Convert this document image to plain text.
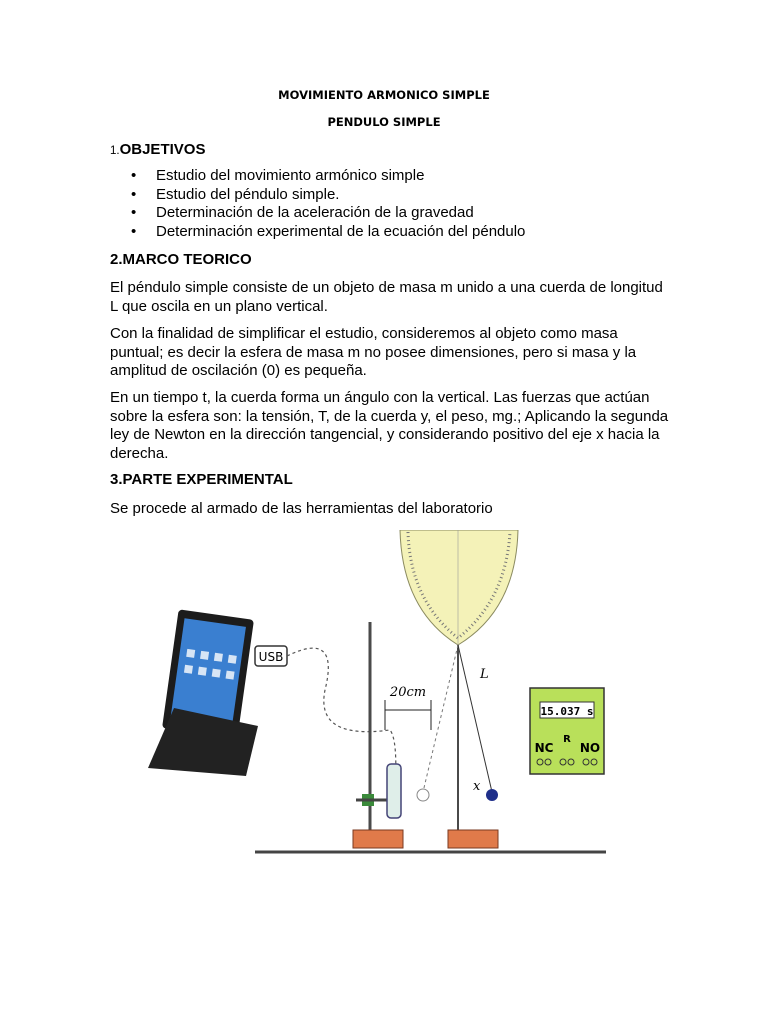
MOVIMIENTO ARMONICO SIMPLE
PENDULO SIMPLE
1.OBJETIVOS
• Estudio del movimiento armónico simple
• Estudio del péndulo simple.
• Determinación de la aceleración de la gravedad
• Determinación experimental de la ecuación del péndulo
2.MARCO TEORICO
El péndulo simple consiste de un objeto de masa m unido a una cuerda de longitud L que oscila en un plano vertical.
Con la finalidad de simplificar el estudio, consideremos al objeto como masa puntual; es decir la esfera de masa m no posee dimensiones, pero si masa y la amplitud de oscilación (0) es pequeña.
En un tiempo t, la cuerda forma un ángulo con la vertical. Las fuerzas que actúan sobre la esfera son: la tensión, T, de la cuerda y, el peso, mg.; Aplicando la segunda ley de Newton en la dirección tangencial, y considerando positivo del eje x hacia la derecha.
3.PARTE EXPERIMENTAL
Se procede al armado de las herramientas del laboratorio
USB
20cm
L
x
15.037 s
NC
R
NO
